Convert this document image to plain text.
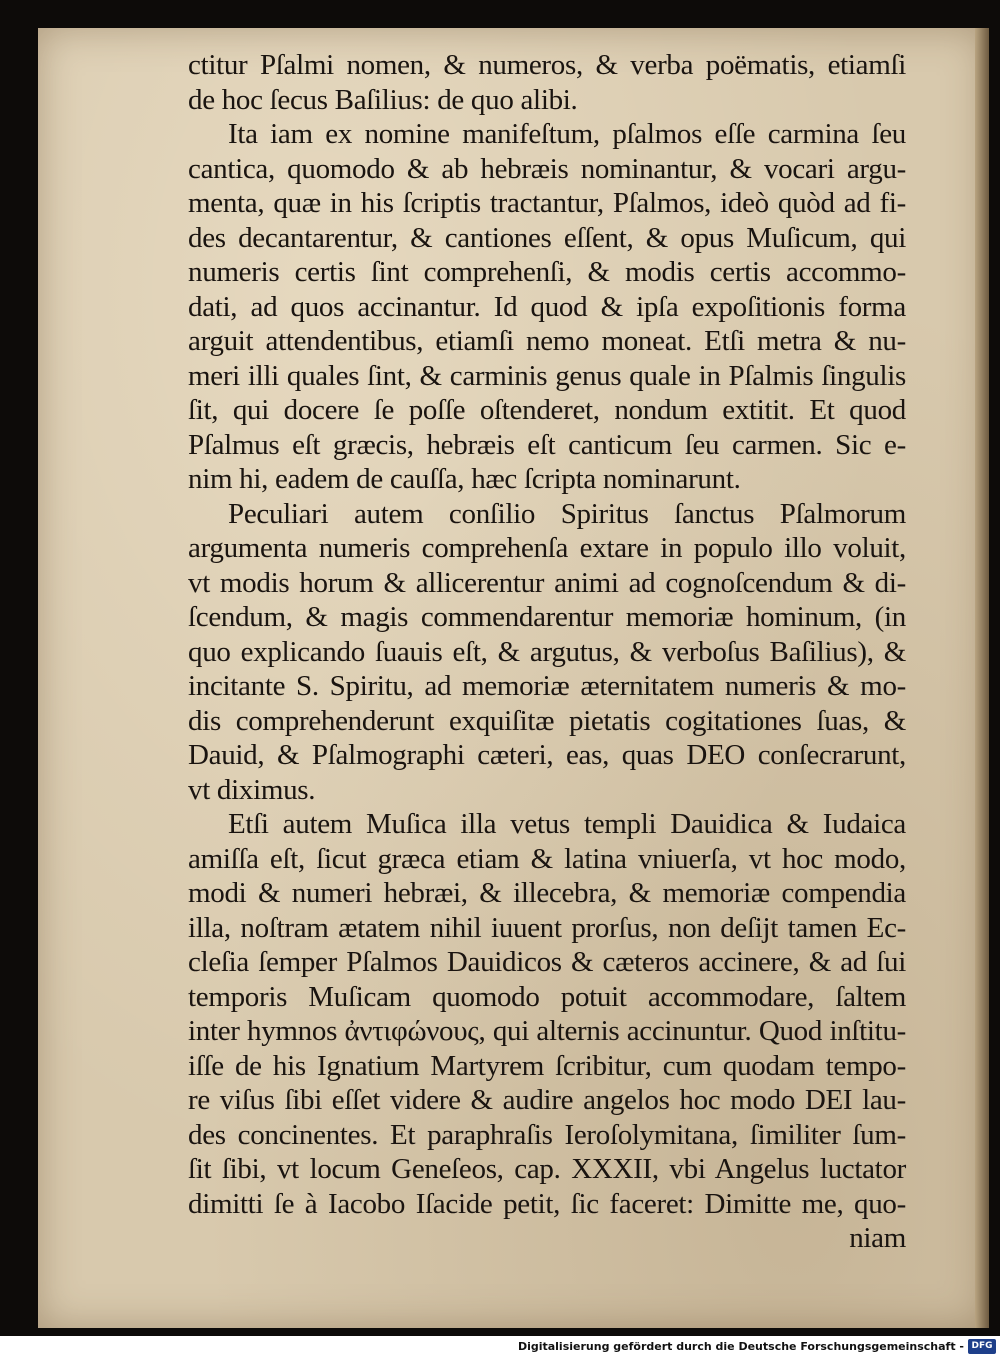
ctitur Pſalmi nomen, & numeros, & verba poëmatis, etiamſi
de hoc ſecus Baſilius: de quo alibi.
Ita iam ex nomine manifeſtum, pſalmos eſſe carmina ſeu
cantica, quomodo & ab hebræis nominantur, & vocari argu-
menta, quæ in his ſcriptis tractantur, Pſalmos, ideò quòd ad fi-
des decantarentur, & cantiones eſſent, & opus Muſicum, qui
numeris certis ſint comprehenſi, & modis certis accommo-
dati, ad quos accinantur. Id quod & ipſa expoſitionis forma
arguit attendentibus, etiamſi nemo moneat. Etſi metra & nu-
meri illi quales ſint, & carminis genus quale in Pſalmis ſingulis
ſit, qui docere ſe poſſe oſtenderet, nondum extitit. Et quod
Pſalmus eſt græcis, hebræis eſt canticum ſeu carmen. Sic e-
nim hi, eadem de cauſſa, hæc ſcripta nominarunt.
Peculiari autem conſilio Spiritus ſanctus Pſalmorum
argumenta numeris comprehenſa extare in populo illo voluit,
vt modis horum & allicerentur animi ad cognoſcendum & di-
ſcendum, & magis commendarentur memoriæ hominum, (in
quo explicando ſuauis eſt, & argutus, & verboſus Baſilius), &
incitante S. Spiritu, ad memoriæ æternitatem numeris & mo-
dis comprehenderunt exquiſitæ pietatis cogitationes ſuas, &
Dauid, & Pſalmographi cæteri, eas, quas DEO conſecrarunt,
vt diximus.
Etſi autem Muſica illa vetus templi Dauidica & Iudaica
amiſſa eſt, ſicut græca etiam & latina vniuerſa, vt hoc modo,
modi & numeri hebræi, & illecebra, & memoriæ compendia
illa, noſtram ætatem nihil iuuent prorſus, non deſijt tamen Ec-
cleſia ſemper Pſalmos Dauidicos & cæteros accinere, & ad ſui
temporis Muſicam quomodo potuit accommodare, ſaltem
inter hymnos ἀντιφώνους, qui alternis accinuntur. Quod inſtitu-
iſſe de his Ignatium Martyrem ſcribitur, cum quodam tempo-
re viſus ſibi eſſet videre & audire angelos hoc modo DEI lau-
des concinentes. Et paraphraſis Ieroſolymitana, ſimiliter ſum-
ſit ſibi, vt locum Geneſeos, cap. XXXII, vbi Angelus luctator
dimitti ſe à Iacobo Iſacide petit, ſic faceret: Dimitte me, quo-
niam
Digitalisierung gefördert durch die Deutsche Forschungsgemeinschaft - DFG
